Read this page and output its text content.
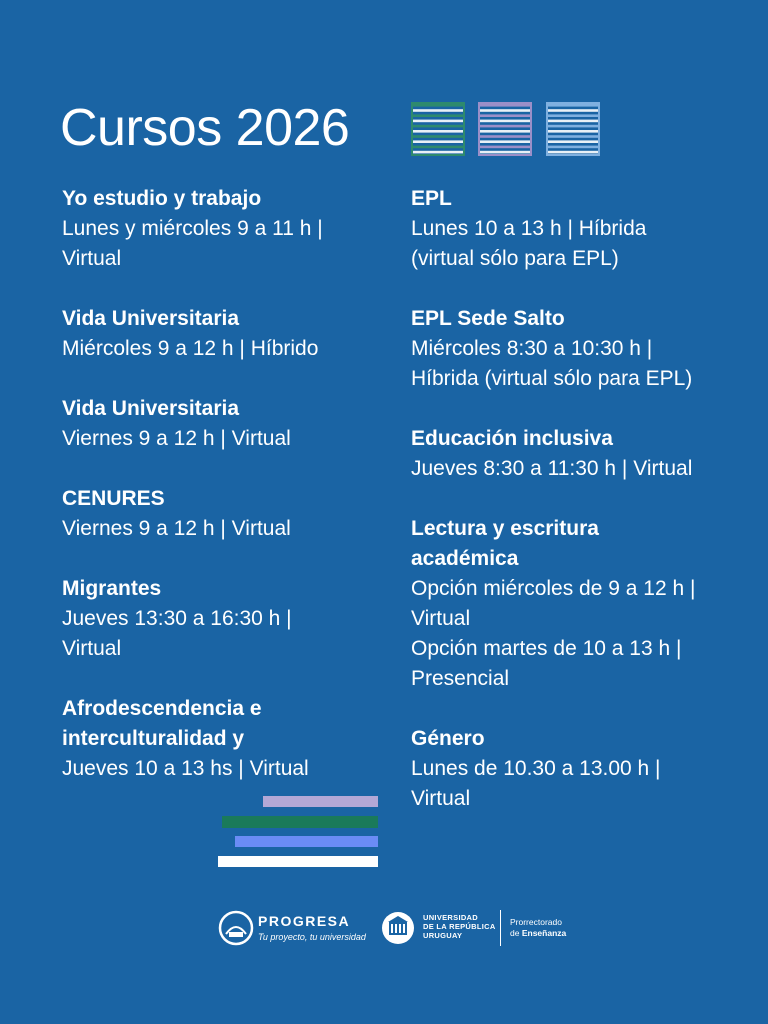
Cursos 2026
Yo estudio y trabajo
Lunes y miércoles 9 a 11 h |
Virtual
Vida Universitaria
Miércoles 9 a 12 h | Híbrido
Vida Universitaria
Viernes 9 a 12 h | Virtual
CENURES
Viernes 9 a 12 h | Virtual
Migrantes
Jueves 13:30 a 16:30 h |
Virtual
Afrodescendencia e
interculturalidad y
Jueves 10 a 13 hs | Virtual
EPL
Lunes 10 a 13 h | Híbrida
(virtual sólo para EPL)
EPL Sede Salto
Miércoles 8:30 a 10:30 h |
Híbrida (virtual sólo para EPL)
Educación inclusiva
Jueves 8:30 a 11:30 h | Virtual
Lectura y escritura
académica
Opción miércoles de 9 a 12 h |
Virtual
Opción martes de 10 a 13 h |
Presencial
Género
Lunes de 10.30 a 13.00 h |
Virtual
PROGRESA
Tu proyecto, tu universidad
UNIVERSIDAD
DE LA REPÚBLICA
URUGUAY
Prorrectorado
de Enseñanza
